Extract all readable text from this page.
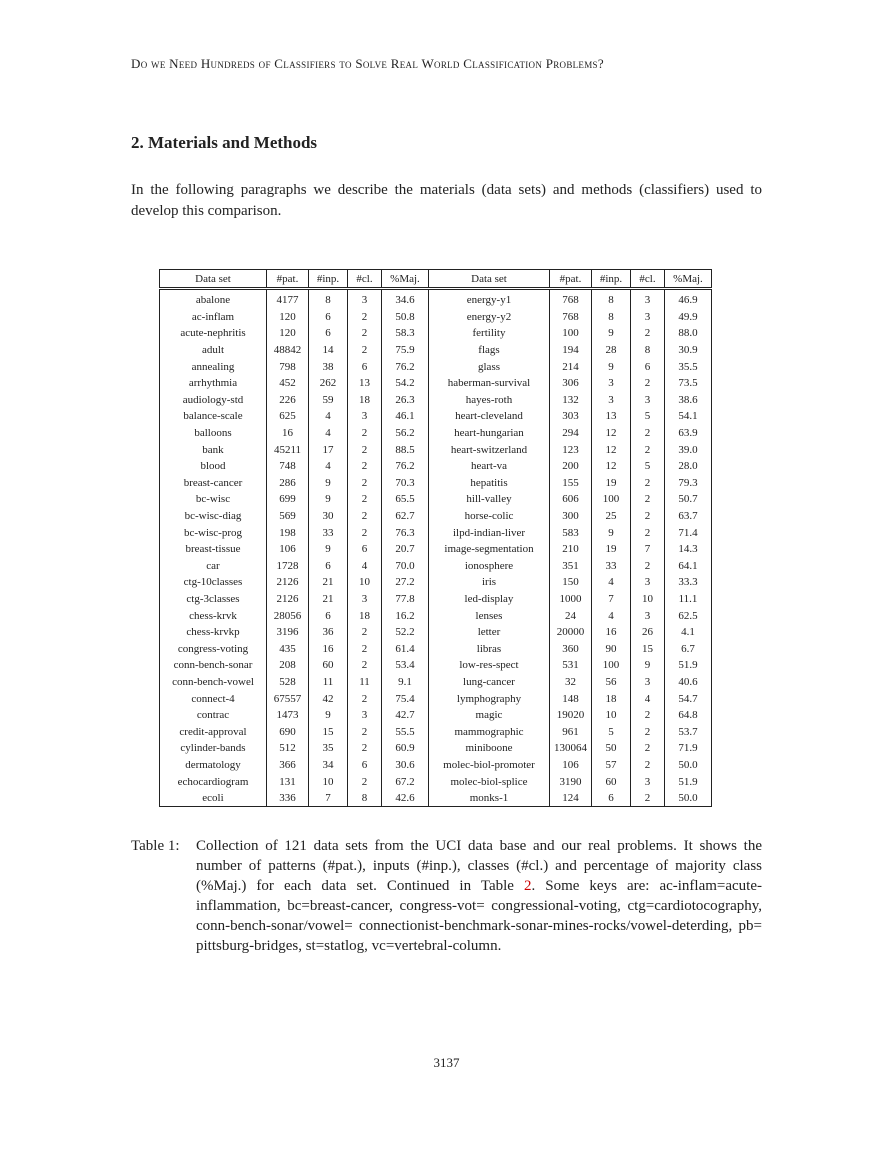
Do we Need Hundreds of Classifiers to Solve Real World Classification Problems?
2. Materials and Methods
In the following paragraphs we describe the materials (data sets) and methods (classifiers) used to develop this comparison.
Data set	#pat.	#inp.	#cl.	%Maj.	Data set	#pat.	#inp.	#cl.	%Maj.
abalone	4177	8	3	34.6	energy-y1	768	8	3	46.9
ac-inflam	120	6	2	50.8	energy-y2	768	8	3	49.9
acute-nephritis	120	6	2	58.3	fertility	100	9	2	88.0
adult	48842	14	2	75.9	flags	194	28	8	30.9
annealing	798	38	6	76.2	glass	214	9	6	35.5
arrhythmia	452	262	13	54.2	haberman-survival	306	3	2	73.5
audiology-std	226	59	18	26.3	hayes-roth	132	3	3	38.6
balance-scale	625	4	3	46.1	heart-cleveland	303	13	5	54.1
balloons	16	4	2	56.2	heart-hungarian	294	12	2	63.9
bank	45211	17	2	88.5	heart-switzerland	123	12	2	39.0
blood	748	4	2	76.2	heart-va	200	12	5	28.0
breast-cancer	286	9	2	70.3	hepatitis	155	19	2	79.3
bc-wisc	699	9	2	65.5	hill-valley	606	100	2	50.7
bc-wisc-diag	569	30	2	62.7	horse-colic	300	25	2	63.7
bc-wisc-prog	198	33	2	76.3	ilpd-indian-liver	583	9	2	71.4
breast-tissue	106	9	6	20.7	image-segmentation	210	19	7	14.3
car	1728	6	4	70.0	ionosphere	351	33	2	64.1
ctg-10classes	2126	21	10	27.2	iris	150	4	3	33.3
ctg-3classes	2126	21	3	77.8	led-display	1000	7	10	11.1
chess-krvk	28056	6	18	16.2	lenses	24	4	3	62.5
chess-krvkp	3196	36	2	52.2	letter	20000	16	26	4.1
congress-voting	435	16	2	61.4	libras	360	90	15	6.7
conn-bench-sonar	208	60	2	53.4	low-res-spect	531	100	9	51.9
conn-bench-vowel	528	11	11	9.1	lung-cancer	32	56	3	40.6
connect-4	67557	42	2	75.4	lymphography	148	18	4	54.7
contrac	1473	9	3	42.7	magic	19020	10	2	64.8
credit-approval	690	15	2	55.5	mammographic	961	5	2	53.7
cylinder-bands	512	35	2	60.9	miniboone	130064	50	2	71.9
dermatology	366	34	6	30.6	molec-biol-promoter	106	57	2	50.0
echocardiogram	131	10	2	67.2	molec-biol-splice	3190	60	3	51.9
ecoli	336	7	8	42.6	monks-1	124	6	2	50.0
Table 1: Collection of 121 data sets from the UCI data base and our real problems. It shows the number of patterns (#pat.), inputs (#inp.), classes (#cl.) and percentage of majority class (%Maj.) for each data set. Continued in Table 2. Some keys are: ac-inflam=acute-inflammation, bc=breast-cancer, congress-vot= congressional-voting, ctg=cardiotocography, conn-bench-sonar/vowel= connectionist-benchmark-sonar-mines-rocks/vowel-deterding, pb= pittsburg-bridges, st=statlog, vc=vertebral-column.
3137
